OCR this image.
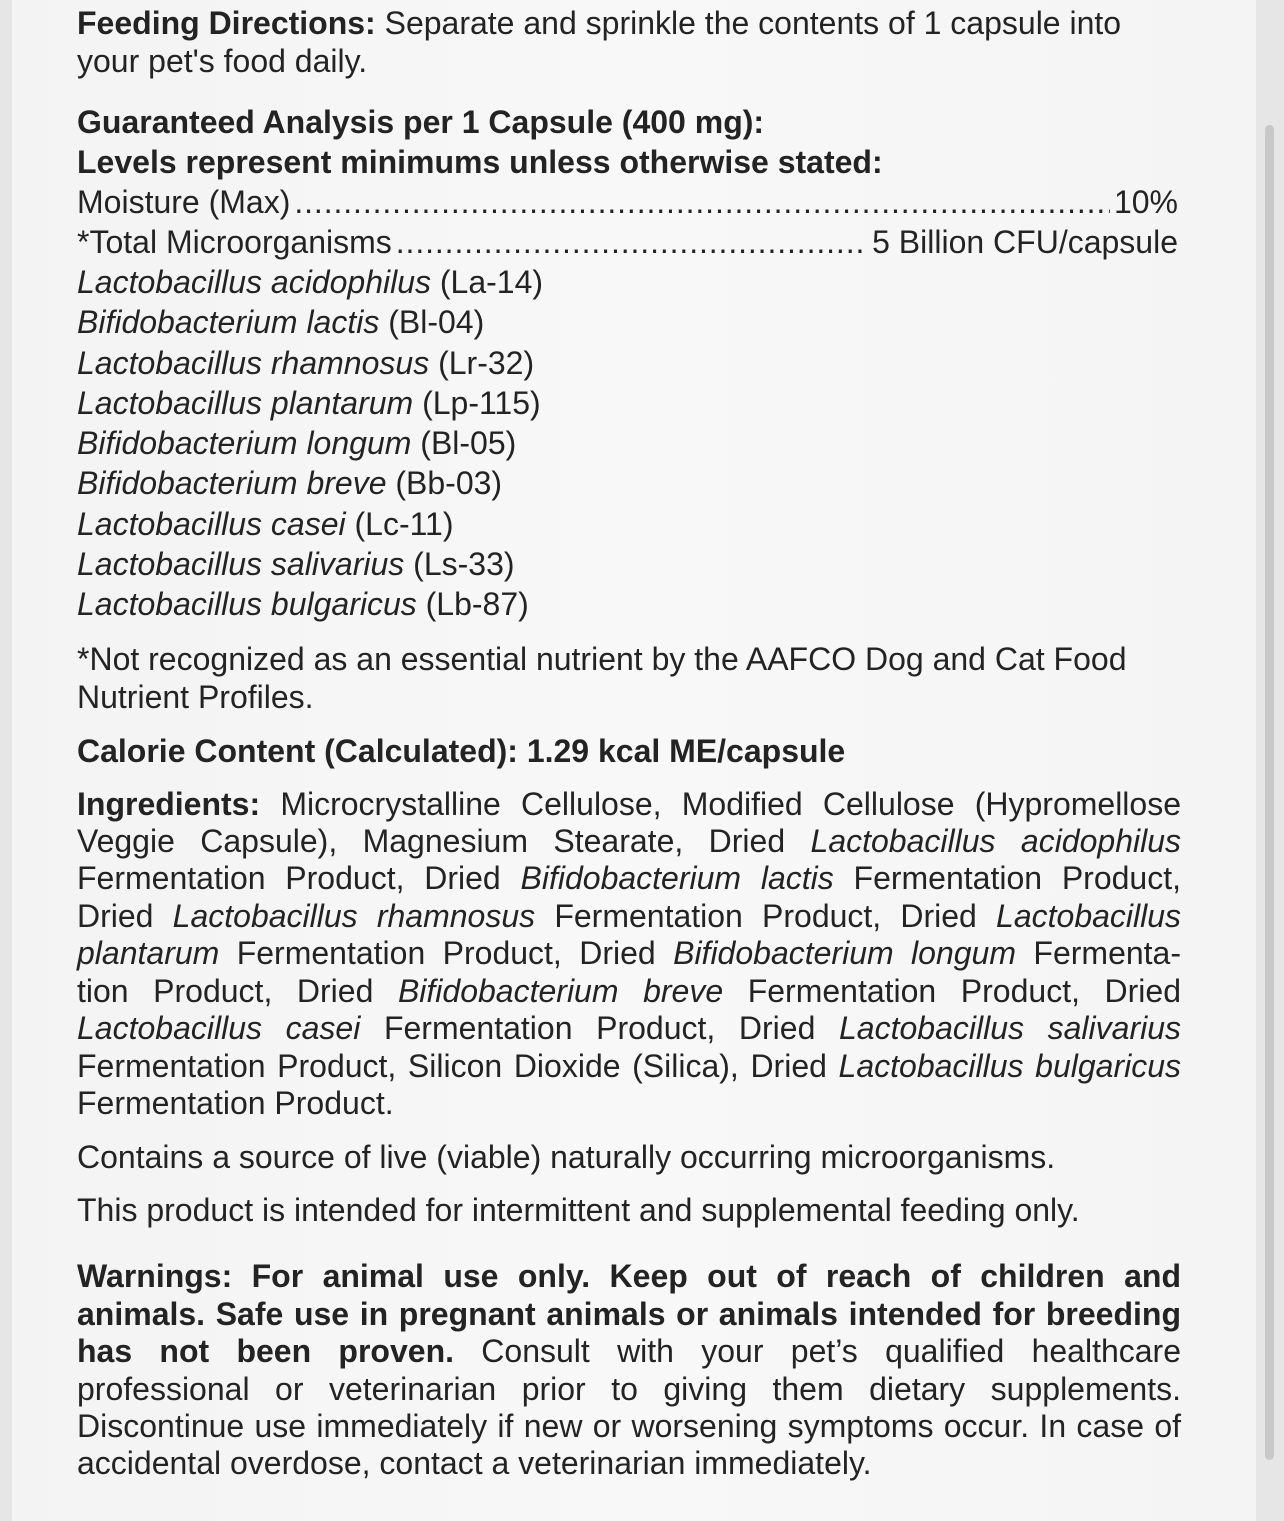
Feeding Directions: Separate and sprinkle the contents of 1 capsule into your pet's food daily.

Guaranteed Analysis per 1 Capsule (400 mg):
Levels represent minimums unless otherwise stated:
Moisture (Max) . . .	10%
*Total Microorganisms . . .	5 Billion CFU/capsule
Lactobacillus acidophilus (La-14)
Bifidobacterium lactis (Bl-04)
Lactobacillus rhamnosus (Lr-32)
Lactobacillus plantarum (Lp-115)
Bifidobacterium longum (Bl-05)
Bifidobacterium breve (Bb-03)
Lactobacillus casei (Lc-11)
Lactobacillus salivarius (Ls-33)
Lactobacillus bulgaricus (Lb-87)

*Not recognized as an essential nutrient by the AAFCO Dog and Cat Food Nutrient Profiles.

Calorie Content (Calculated): 1.29 kcal ME/capsule

Ingredients: Microcrystalline Cellulose, Modified Cellulose (Hypromellose Veggie Capsule), Magnesium Stearate, Dried Lactobacillus acidophilus Fermentation Product, Dried Bifidobacterium lactis Fermentation Product, Dried Lactobacillus rhamnosus Fermentation Product, Dried Lactobacillus plantarum Fermentation Product, Dried Bifidobacterium longum Fermenta-tion Product, Dried Bifidobacterium breve Fermentation Product, Dried Lactobacillus casei Fermentation Product, Dried Lactobacillus salivarius Fermentation Product, Silicon Dioxide (Silica), Dried Lactobacillus bulgaricus Fermentation Product.

Contains a source of live (viable) naturally occurring microorganisms.

This product is intended for intermittent and supplemental feeding only.

Warnings: For animal use only. Keep out of reach of children and animals. Safe use in pregnant animals or animals intended for breeding has not been proven. Consult with your pet’s qualified healthcare professional or veterinarian prior to giving them dietary supplements. Discontinue use immediately if new or worsening symptoms occur. In case of accidental overdose, contact a veterinarian immediately.
